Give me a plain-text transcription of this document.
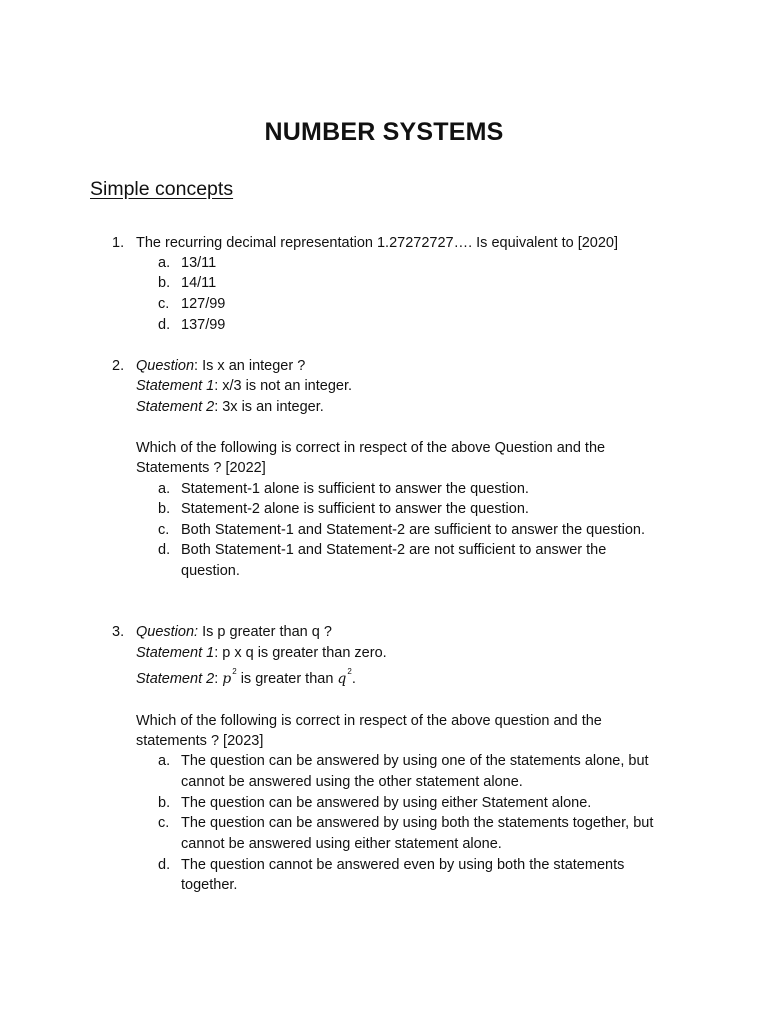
NUMBER SYSTEMS
Simple concepts
1. The recurring decimal representation 1.27272727…. Is equivalent to [2020]
a. 13/11
b. 14/11
c. 127/99
d. 137/99
2. Question: Is x an integer ?
Statement 1: x/3 is not an integer.
Statement 2: 3x is an integer.
Which of the following is correct in respect of the above Question and the
Statements ? [2022]
a. Statement-1 alone is sufficient to answer the question.
b. Statement-2 alone is sufficient to answer the question.
c. Both Statement-1 and Statement-2 are sufficient to answer the question.
d. Both Statement-1 and Statement-2 are not sufficient to answer the
question.
3. Question: Is p greater than q ?
Statement 1: p x q is greater than zero.
Statement 2: $p^2$ is greater than $q^2$.
Which of the following is correct in respect of the above question and the
statements ? [2023]
a. The question can be answered by using one of the statements alone, but
cannot be answered using the other statement alone.
b. The question can be answered by using either Statement alone.
c. The question can be answered by using both the statements together, but
cannot be answered using either statement alone.
d. The question cannot be answered even by using both the statements
together.
